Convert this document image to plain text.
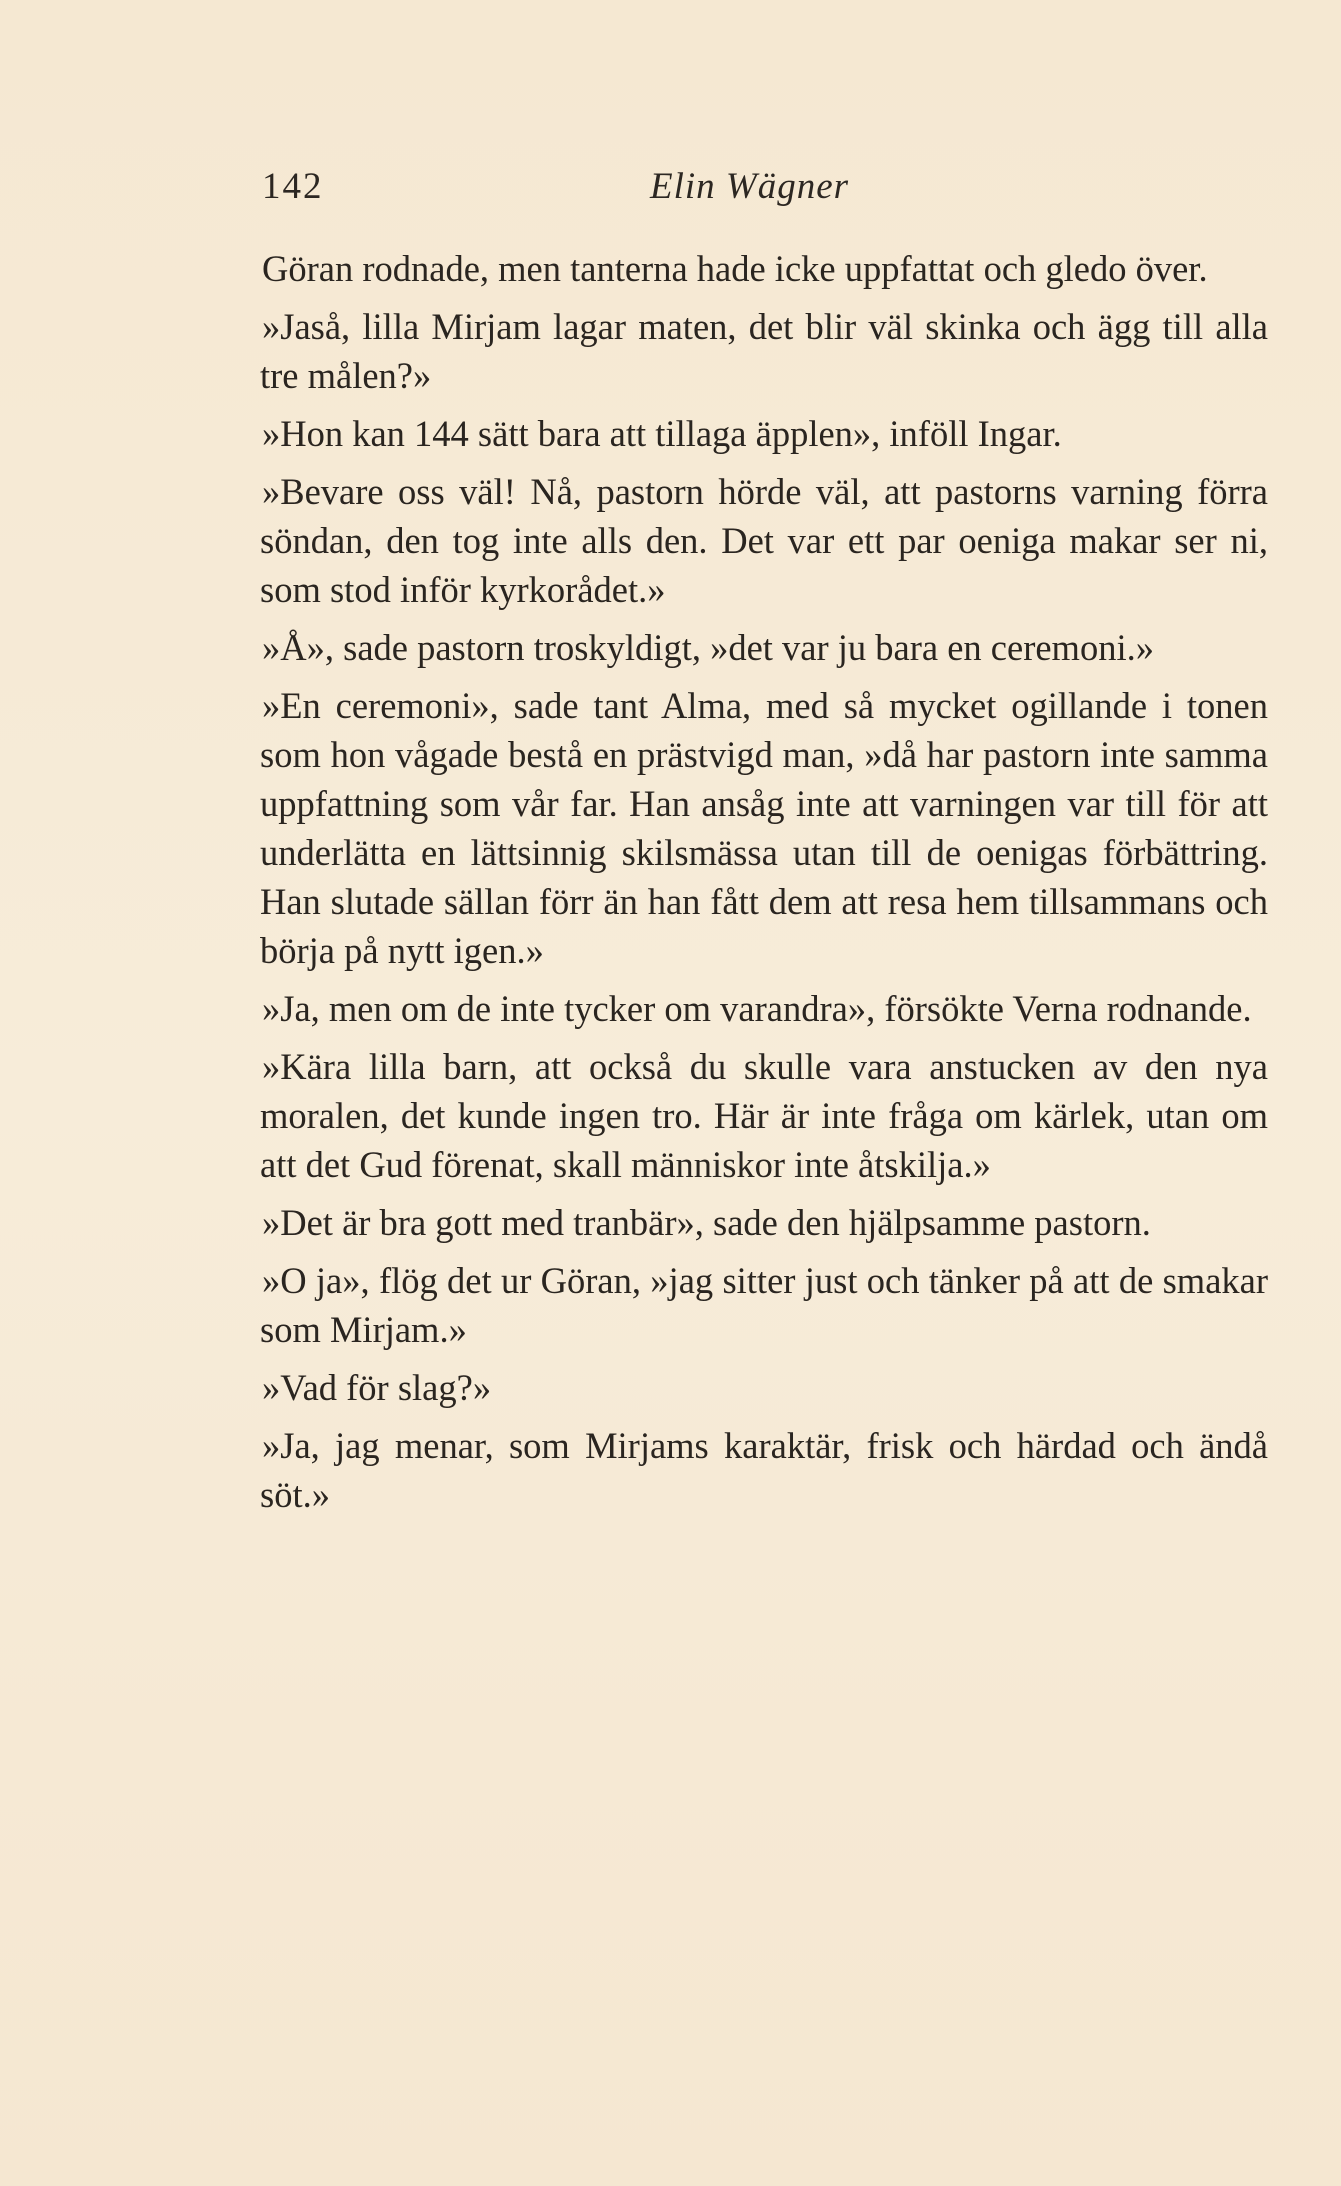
142	Elin Wägner

Göran rodnade, men tanterna hade icke uppfattat och gledo över.

»Jaså, lilla Mirjam lagar maten, det blir väl skinka och ägg till alla tre målen?»

»Hon kan 144 sätt bara att tillaga äpplen», inföll Ingar.

»Bevare oss väl! Nå, pastorn hörde väl, att pastorns varning förra söndan, den tog inte alls den. Det var ett par oeniga makar ser ni, som stod inför kyrkorådet.»

»Å», sade pastorn troskyldigt, »det var ju bara en ceremoni.»

»En ceremoni», sade tant Alma, med så mycket ogillande i tonen som hon vågade bestå en prästvigd man, »då har pastorn inte samma uppfattning som vår far. Han ansåg inte att varningen var till för att underlätta en lättsinnig skilsmässa utan till de oenigas förbättring. Han slutade sällan förr än han fått dem att resa hem tillsammans och börja på nytt igen.»

»Ja, men om de inte tycker om varandra», försökte Verna rodnande.

»Kära lilla barn, att också du skulle vara anstucken av den nya moralen, det kunde ingen tro. Här är inte fråga om kärlek, utan om att det Gud förenat, skall människor inte åtskilja.»

»Det är bra gott med tranbär», sade den hjälpsamme pastorn.

»O ja», flög det ur Göran, »jag sitter just och tänker på att de smakar som Mirjam.»

»Vad för slag?»

»Ja, jag menar, som Mirjams karaktär, frisk och härdad och ändå söt.»
